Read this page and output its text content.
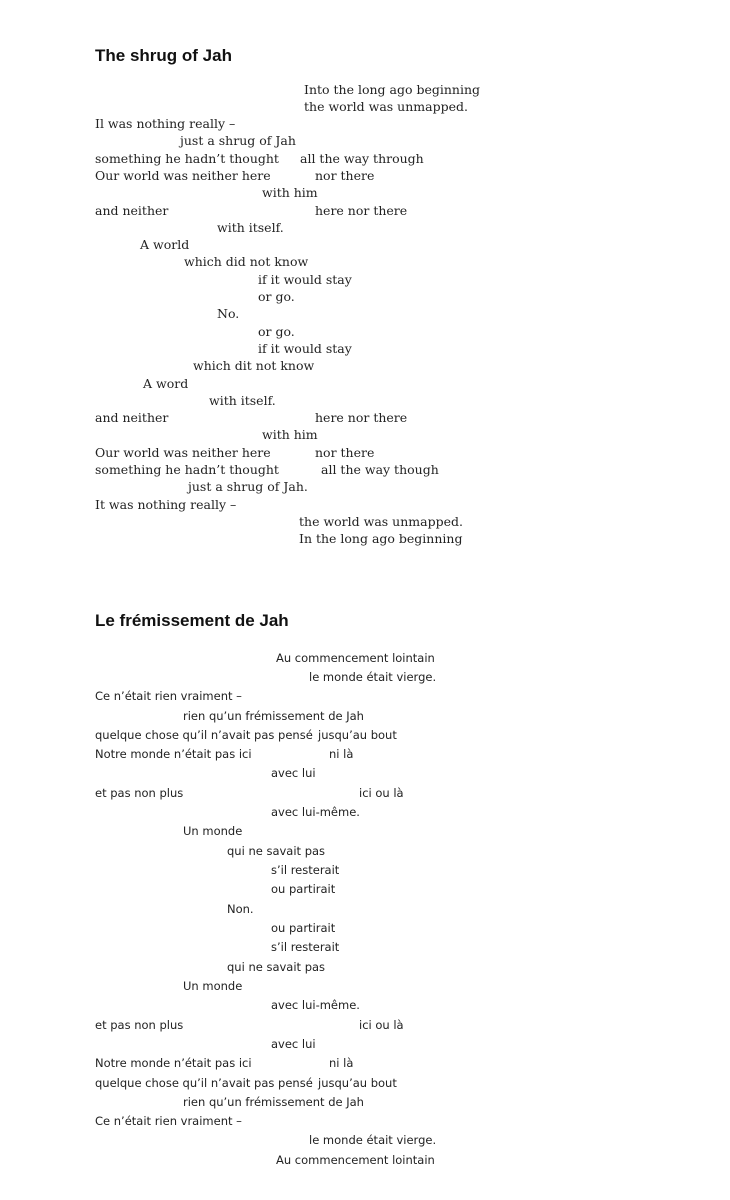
The shrug of Jah
Into the long ago beginning
the world was unmapped.
Il was nothing really –
just a shrug of Jah
something he hadn’t thought all the way through
Our world was neither here	nor there
with him
and neither	here nor there
with itself.
A world
which did not know
if it would stay
or go.
No.
or go.
if it would stay
which dit not know
A word
with itself.
and neither	here nor there
with him
Our world was neither here	nor there
something he hadn’t thought	all the way though
just a shrug of Jah.
It was nothing really –
the world was unmapped.
In the long ago beginning
Le frémissement de Jah
Au commencement lointain
le monde était vierge.
Ce n’était rien vraiment –
rien qu’un frémissement de Jah
quelque chose qu’il n’avait pas pensé jusqu’au bout
Notre monde n’était pas ici	ni là
avec lui
et pas non plus	ici ou là
avec lui-même.
Un monde
qui ne savait pas
s’il resterait
ou partirait
Non.
ou partirait
s’il resterait
qui ne savait pas
Un monde
avec lui-même.
et pas non plus	ici ou là
avec lui
Notre monde n’était pas ici	ni là
quelque chose qu’il n’avait pas pensé jusqu’au bout
rien qu’un frémissement de Jah
Ce n’était rien vraiment –
le monde était vierge.
Au commencement lointain
